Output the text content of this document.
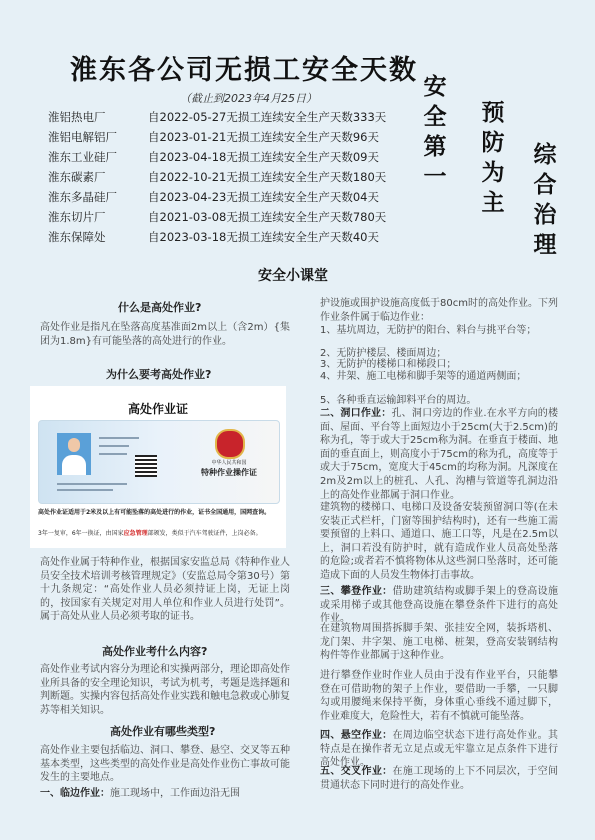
淮东各公司无损工安全天数
（截止到2023年4月25日）
淮铝热电厂	自2022-05-27无损工连续安全生产天数333天
淮铝电解铝厂	自2023-01-21无损工连续安全生产天数96天
淮东工业硅厂	自2023-04-18无损工连续安全生产天数09天
淮东碳素厂	自2022-10-21无损工连续安全生产天数180天
淮东多晶硅厂	自2023-04-23无损工连续安全生产天数04天
淮东切片厂	自2021-03-08无损工连续安全生产天数780天
淮东保障处	自2023-03-18无损工连续安全生产天数40天
安全第一
预防为主
综合治理
安全小课堂
什么是高处作业?
高处作业是指凡在坠落高度基准面2m以上（含2m）{集团为1.8m}有可能坠落的高处进行的作业。
为什么要考高处作业?
高处作业证
中华人民共和国
特种作业操作证
高处作业证适用于2米及以上有可能坠落的高处进行的作业，证书全国通用，国网查询。
3年一复审，6年一换证，由国家应急管理部颁发，类似于汽车驾驶证件，上岗必备。
高处作业属于特种作业，根据国家安监总局《特种作业人员安全技术培训考核管理规定》（安监总局令第30号）第十九条规定：“高处作业人员必须持证上岗，无证上岗的，按国家有关规定对用人单位和作业人员进行处罚”。属于高处从业人员必须考取的证书。
高处作业考什么内容?
高处作业考试内容分为理论和实操两部分，理论即高处作业所具备的安全理论知识，考试为机考，考题是选择题和判断题。实操内容包括高处作业实践和触电急救或心肺复苏等相关知识。
高处作业有哪些类型?
高处作业主要包括临边、洞口、攀登、悬空、交叉等五种基本类型，这些类型的高处作业是高处作业伤亡事故可能发生的主要地点。
一、临边作业：施工现场中，工作面边沿无围
护设施或围护设施高度低于80cm时的高处作业。下列作业条件属于临边作业：
1、基坑周边，无防护的阳台、料台与挑平台等；
2、无防护楼层、楼面周边；
3、无防护的楼梯口和梯段口；
4、井架、施工电梯和脚手架等的通道两侧面；
5、各种垂直运输卸料平台的周边。
二、洞口作业：孔、洞口旁边的作业.在水平方向的楼面、屋面、平台等上面短边小于25cm(大于2.5cm)的称为孔，等于或大于25cm称为洞。在垂直于楼面、地面的垂直面上，则高度小于75cm的称为孔，高度等于或大于75cm，宽度大于45cm的均称为洞。凡深度在2m及2m以上的桩孔、人孔、沟槽与管道等孔洞边沿上的高处作业都属于洞口作业。
建筑物的楼梯口、电梯口及设备安装预留洞口等(在未安装正式栏杆，门窗等围护结构时)，还有一些施工需要预留的上料口、通道口、施工口等，凡是在2.5m以上，洞口若没有防护时，就有造成作业人员高处坠落的危险;或者若不慎将物体从这些洞口坠落时，还可能造成下面的人员发生物体打击事故。
三、攀登作业：借助建筑结构或脚手架上的登高设施或采用梯子或其他登高设施在攀登条件下进行的高处作业。
在建筑物周围搭拆脚手架、张挂安全网，装拆塔机、龙门架、井字架、施工电梯、桩架，登高安装钢结构构件等作业都属于这种作业。
进行攀登作业时作业人员由于没有作业平台，只能攀登在可借助物的架子上作业，要借助一手攀，一只脚勾或用腰绳来保持平衡，身体重心垂线不通过脚下，作业难度大，危险性大，若有不慎就可能坠落。
四、悬空作业：在周边临空状态下进行高处作业。其特点是在操作者无立足点或无牢靠立足点条件下进行高处作业。
五、交叉作业：在施工现场的上下不同层次，于空间贯通状态下同时进行的高处作业。
